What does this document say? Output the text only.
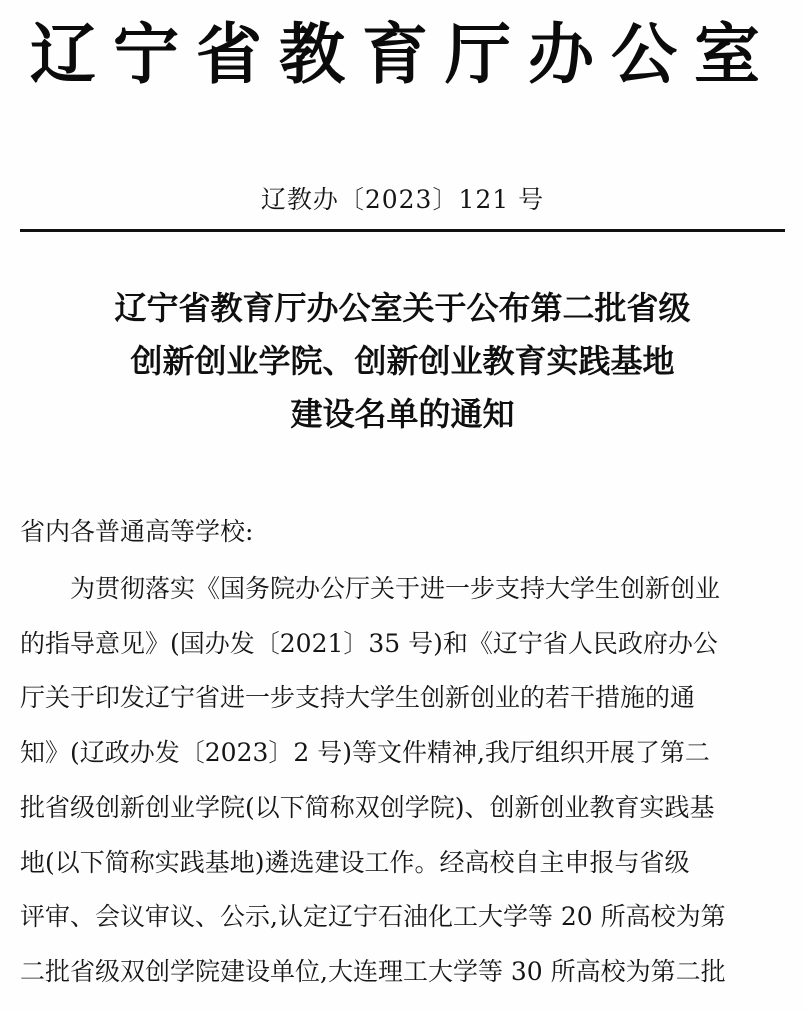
辽宁省教育厅办公室
辽教办〔2023〕121 号
辽宁省教育厅办公室关于公布第二批省级
创新创业学院、创新创业教育实践基地
建设名单的通知
省内各普通高等学校:
为贯彻落实《国务院办公厅关于进一步支持大学生创新创业
的指导意见》(国办发〔2021〕35 号)和《辽宁省人民政府办公
厅关于印发辽宁省进一步支持大学生创新创业的若干措施的通
知》(辽政办发〔2023〕2 号)等文件精神,我厅组织开展了第二
批省级创新创业学院(以下简称双创学院)、创新创业教育实践基
地(以下简称实践基地)遴选建设工作。经高校自主申报与省级
评审、会议审议、公示,认定辽宁石油化工大学等 20 所高校为第
二批省级双创学院建设单位,大连理工大学等 30 所高校为第二批
